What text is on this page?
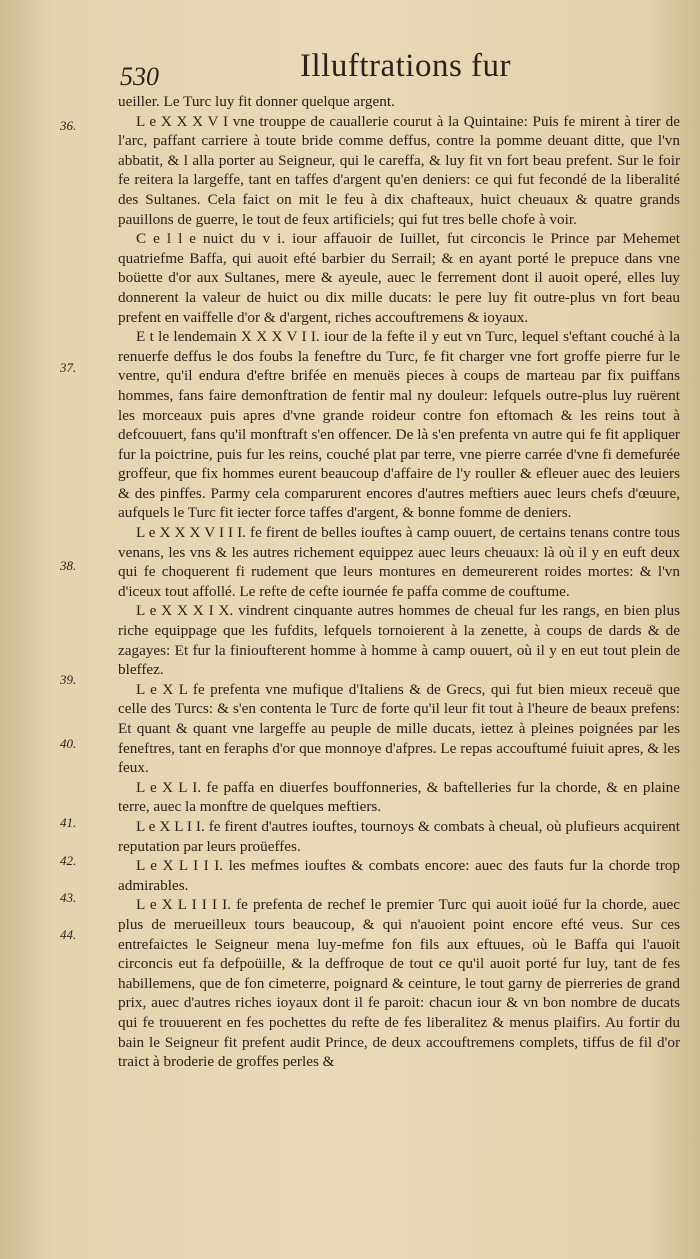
530	Illuftrations fur
36.
37.
38.
39.
40.
41.
42.
43.
44.

ueiller. Le Turc luy fit donner quelque argent.

L e X X X V I vne trouppe de cauallerie courut à la Quintaine: Puis fe mirent à tirer de l'arc, paffant carriere à toute bride comme deffus, contre la pomme deuant ditte, que l'vn abbatit, & l alla porter au Seigneur, qui le careffa, & luy fit vn fort beau prefent. Sur le foir fe reitera la largeffe, tant en taffes d'argent qu'en deniers: ce qui fut fecondé de la liberalité des Sultanes. Cela faict on mit le feu à dix chafteaux, huict cheuaux & quatre grands pauillons de guerre, le tout de feux artificiels; qui fut tres belle chofe à voir.

C e l l e nuict du v i. iour affauoir de Iuillet, fut circoncis le Prince par Mehemet quatriefme Baffa, qui auoit efté barbier du Serrail; & en ayant porté le prepuce dans vne boüette d'or aux Sultanes, mere & ayeule, auec le ferrement dont il auoit operé, elles luy donnerent la valeur de huict ou dix mille ducats: le pere luy fit outre-plus vn fort beau prefent en vaiffelle d'or & d'argent, riches accouftremens & ioyaux.

E t le lendemain X X X V I I. iour de la fefte il y eut vn Turc, lequel s'eftant couché à la renuerfe deffus le dos foubs la feneftre du Turc, fe fit charger vne fort groffe pierre fur le ventre, qu'il endura d'eftre brifée en menuës pieces à coups de marteau par fix puiffans hommes, fans faire demonftration de fentir mal ny douleur: lefquels outre-plus luy ruërent les morceaux puis apres d'vne grande roideur contre fon eftomach & les reins tout à defcouuert, fans qu'il monftraft s'en offencer. De là s'en prefenta vn autre qui fe fit appliquer fur la poictrine, puis fur les reins, couché plat par terre, vne pierre carrée d'vne fi demefurée groffeur, que fix hommes eurent beaucoup d'affaire de l'y rouller & efleuer auec des leuiers & des pinffes. Parmy cela comparurent encores d'autres meftiers auec leurs chefs d'œuure, aufquels le Turc fit iecter force taffes d'argent, & bonne fomme de deniers.

L e X X X V I I I. fe firent de belles iouftes à camp ouuert, de certains tenans contre tous venans, les vns & les autres richement equippez auec leurs cheuaux: là où il y en euft deux qui fe choquerent fi rudement que leurs montures en demeurerent roides mortes: & l'vn d'iceux tout affollé. Le refte de cefte iournée fe paffa comme de couftume.

L e X X X I X. vindrent cinquante autres hommes de cheual fur les rangs, en bien plus riche equippage que les fufdits, lefquels tornoierent à la zenette, à coups de dards & de zagayes: Et fur la finioufterent homme à homme à camp ouuert, où il y en eut tout plein de bleffez.

L e X L fe prefenta vne mufique d'Italiens & de Grecs, qui fut bien mieux receuë que celle des Turcs: & s'en contenta le Turc de forte qu'il leur fit tout à l'heure de beaux prefens: Et quant & quant vne largeffe au peuple de mille ducats, iettez à pleines poignées par les feneftres, tant en feraphs d'or que monnoye d'afpres. Le repas accouftumé fuiuit apres, & les feux.

L e X L I. fe paffa en diuerfes bouffonneries, & baftelleries fur la chorde, & en plaine terre, auec la monftre de quelques meftiers.

L e X L I I. fe firent d'autres iouftes, tournoys & combats à cheual, où plufieurs acquirent reputation par leurs proüeffes.

L e X L I I I. les mefmes iouftes & combats encore: auec des fauts fur la chorde trop admirables.

L e X L I I I I. fe prefenta de rechef le premier Turc qui auoit ioüé fur la chorde, auec plus de merueilleux tours beaucoup, & qui n'auoient point encore efté veus. Sur ces entrefaictes le Seigneur mena luy-mefme fon fils aux eftuues, où le Baffa qui l'auoit circoncis eut fa defpoüille, & la deffroque de tout ce qu'il auoit porté fur luy, tant de fes habillemens, que de fon cimeterre, poignard & ceinture, le tout garny de pierreries de grand prix, auec d'autres riches ioyaux dont il fe paroit: chacun iour & vn bon nombre de ducats qui fe trouuerent en fes pochettes du refte de fes liberalitez & menus plaifirs. Au fortir du bain le Seigneur fit prefent audit Prince, de deux accouftremens complets, tiffus de fil d'or traict à broderie de groffes perles &
